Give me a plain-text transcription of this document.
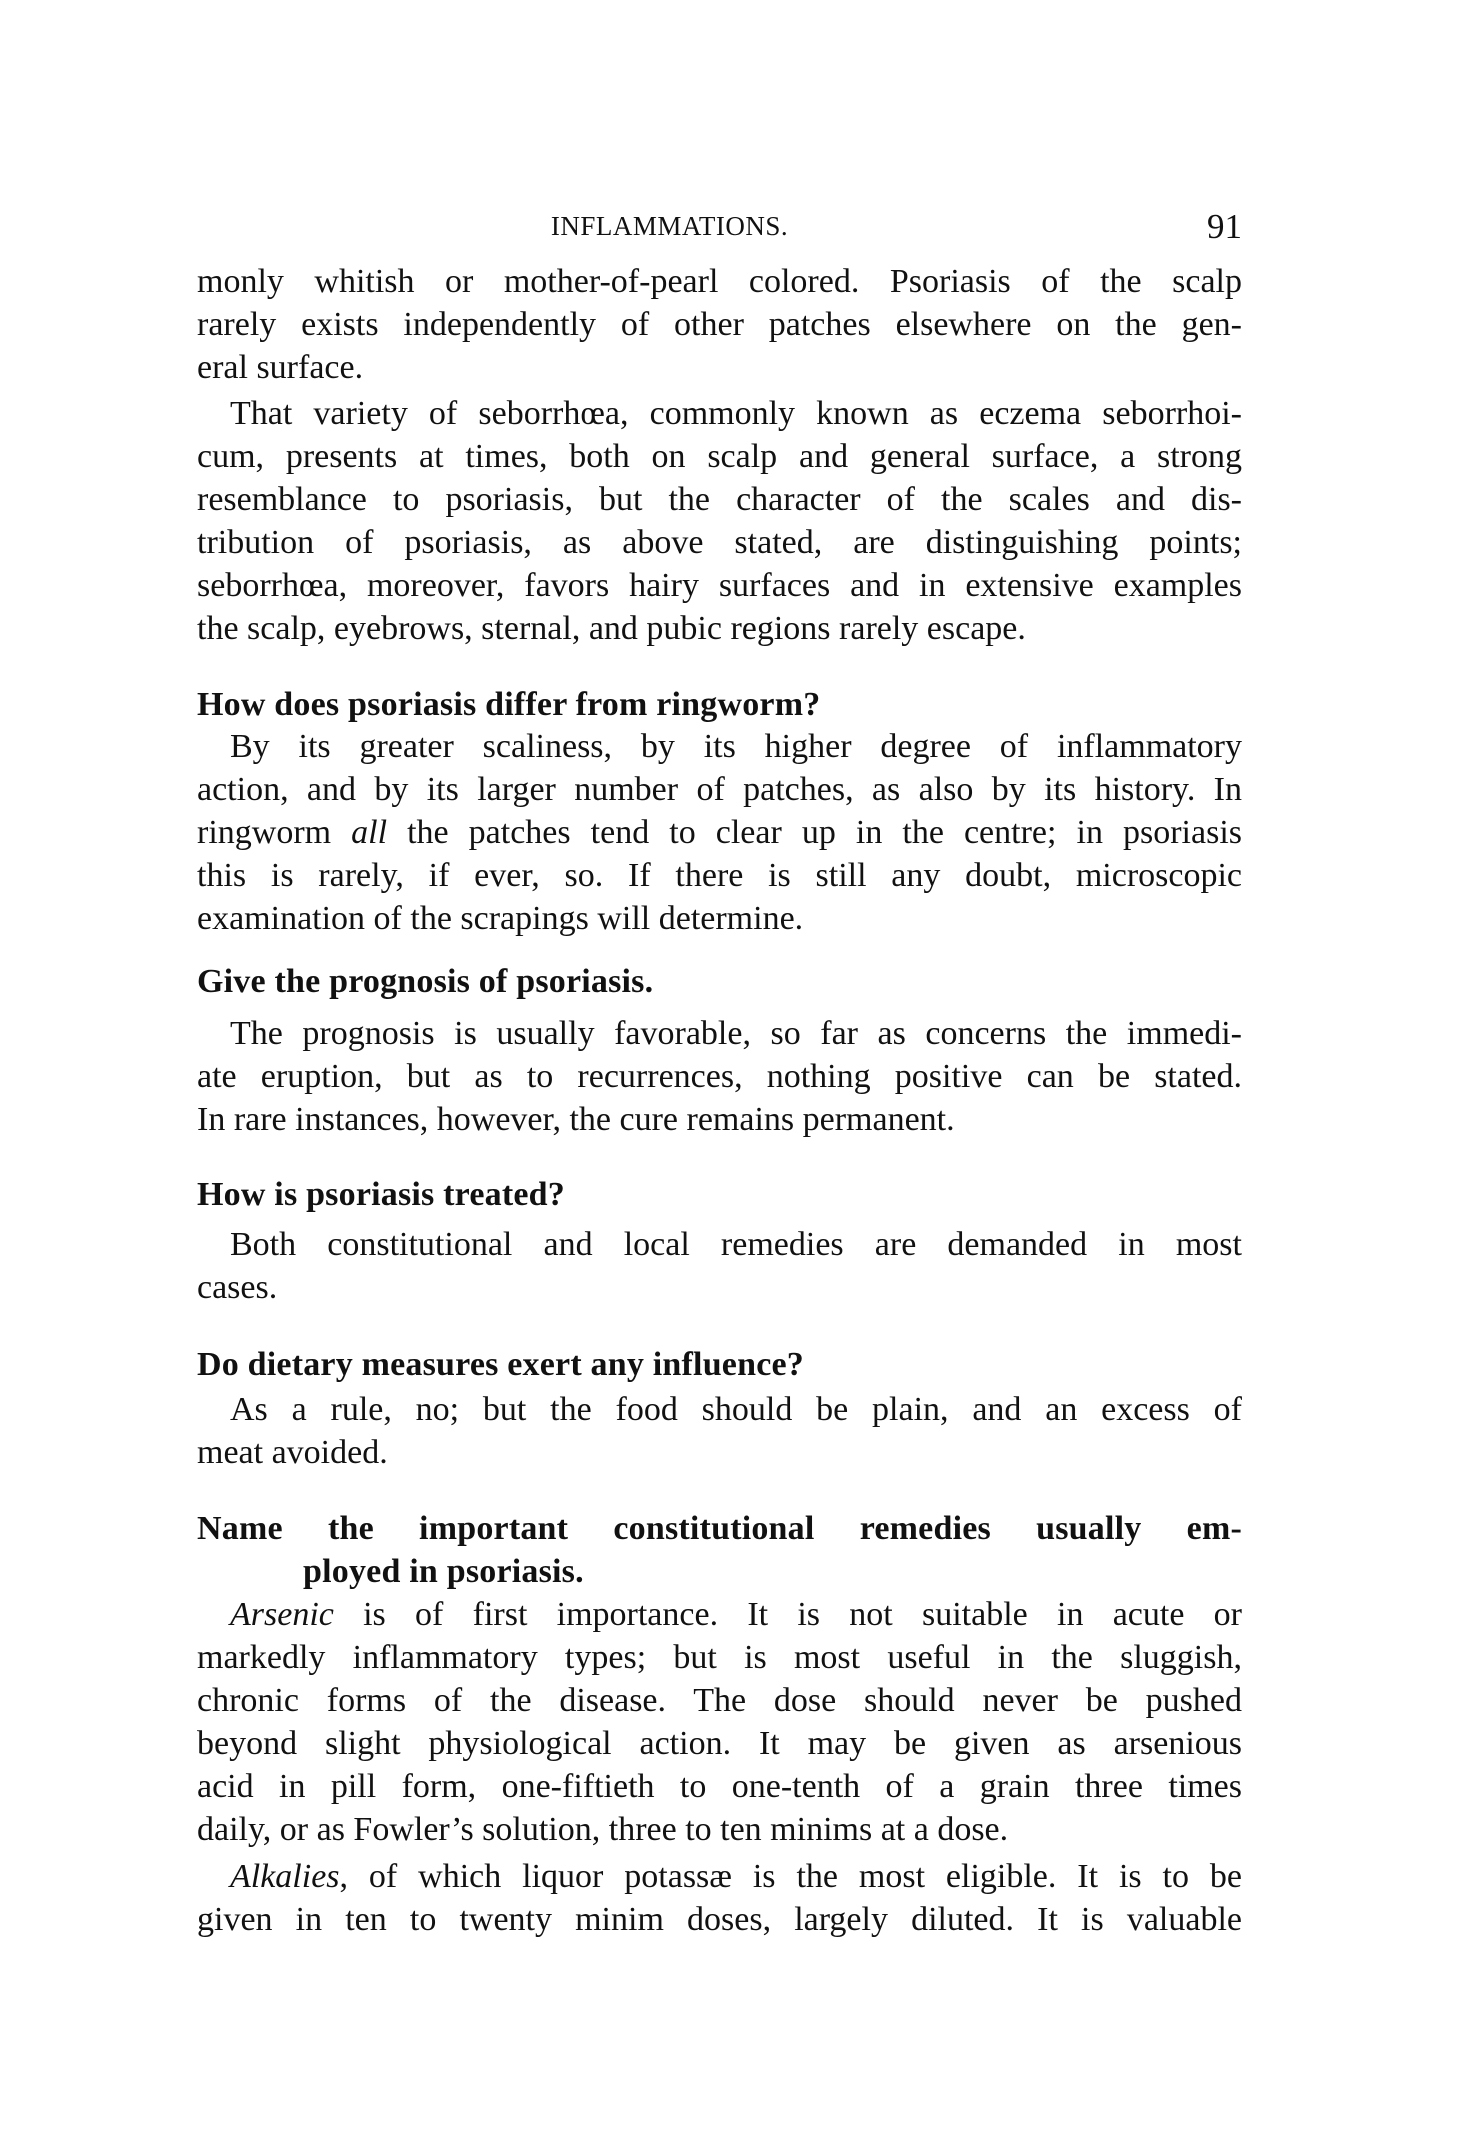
INFLAMMATIONS.	91
monly whitish or mother-of-pearl colored. Psoriasis of the scalp
rarely exists independently of other patches elsewhere on the gen-
eral surface.
That variety of seborrhœa, commonly known as eczema seborrhoi-
cum, presents at times, both on scalp and general surface, a strong
resemblance to psoriasis, but the character of the scales and dis-
tribution of psoriasis, as above stated, are distinguishing points;
seborrhœa, moreover, favors hairy surfaces and in extensive examples
the scalp, eyebrows, sternal, and pubic regions rarely escape.
How does psoriasis differ from ringworm?
By its greater scaliness, by its higher degree of inflammatory
action, and by its larger number of patches, as also by its history. In
ringworm all the patches tend to clear up in the centre; in psoriasis
this is rarely, if ever, so. If there is still any doubt, microscopic
examination of the scrapings will determine.
Give the prognosis of psoriasis.
The prognosis is usually favorable, so far as concerns the immedi-
ate eruption, but as to recurrences, nothing positive can be stated.
In rare instances, however, the cure remains permanent.
How is psoriasis treated?
Both constitutional and local remedies are demanded in most
cases.
Do dietary measures exert any influence?
As a rule, no; but the food should be plain, and an excess of
meat avoided.
Name the important constitutional remedies usually em-
ployed in psoriasis.
Arsenic is of first importance. It is not suitable in acute or
markedly inflammatory types; but is most useful in the sluggish,
chronic forms of the disease. The dose should never be pushed
beyond slight physiological action. It may be given as arsenious
acid in pill form, one-fiftieth to one-tenth of a grain three times
daily, or as Fowler’s solution, three to ten minims at a dose.
Alkalies, of which liquor potassæ is the most eligible. It is to be
given in ten to twenty minim doses, largely diluted. It is valuable
